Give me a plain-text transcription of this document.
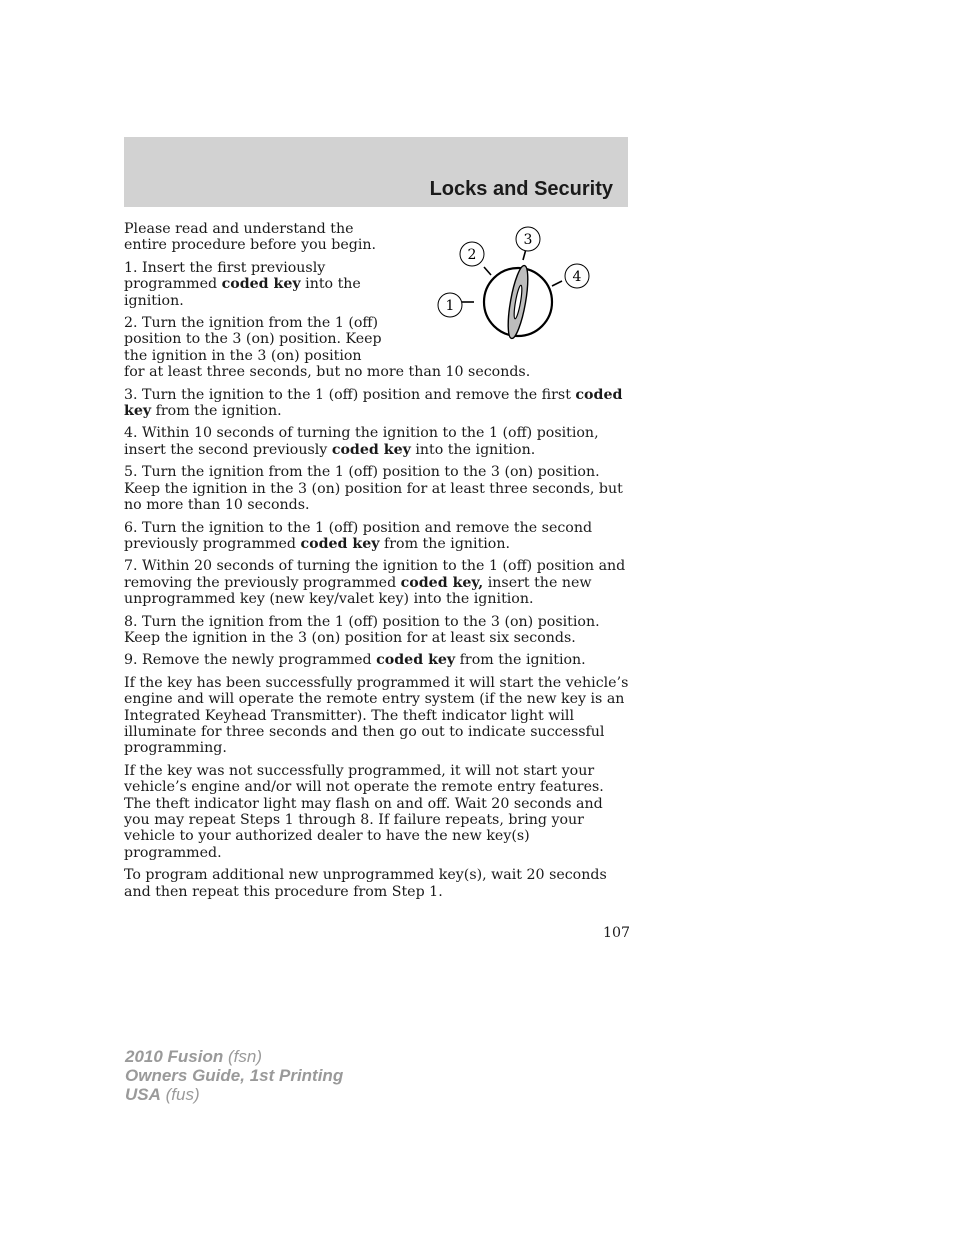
Locks and Security
1
2
3
4

Please read and understand the entire procedure before you begin.

1. Insert the first previously programmed coded key into the ignition.

2. Turn the ignition from the 1 (off) position to the 3 (on) position. Keep the ignition in the 3 (on) position
for at least three seconds, but no more than 10 seconds.

3. Turn the ignition to the 1 (off) position and remove the first coded key from the ignition.

4. Within 10 seconds of turning the ignition to the 1 (off) position, insert the second previously coded key into the ignition.

5. Turn the ignition from the 1 (off) position to the 3 (on) position. Keep the ignition in the 3 (on) position for at least three seconds, but no more than 10 seconds.

6. Turn the ignition to the 1 (off) position and remove the second previously programmed coded key from the ignition.

7. Within 20 seconds of turning the ignition to the 1 (off) position and removing the previously programmed coded key, insert the new unprogrammed key (new key/valet key) into the ignition.

8. Turn the ignition from the 1 (off) position to the 3 (on) position. Keep the ignition in the 3 (on) position for at least six seconds.

9. Remove the newly programmed coded key from the ignition.

If the key has been successfully programmed it will start the vehicle’s engine and will operate the remote entry system (if the new key is an Integrated Keyhead Transmitter). The theft indicator light will illuminate for three seconds and then go out to indicate successful programming.

If the key was not successfully programmed, it will not start your vehicle’s engine and/or will not operate the remote entry features. The theft indicator light may flash on and off. Wait 20 seconds and you may repeat Steps 1 through 8. If failure repeats, bring your vehicle to your authorized dealer to have the new key(s) programmed.

To program additional new unprogrammed key(s), wait 20 seconds and then repeat this procedure from Step 1.

107
2010 Fusion (fsn)
Owners Guide, 1st Printing
USA (fus)
